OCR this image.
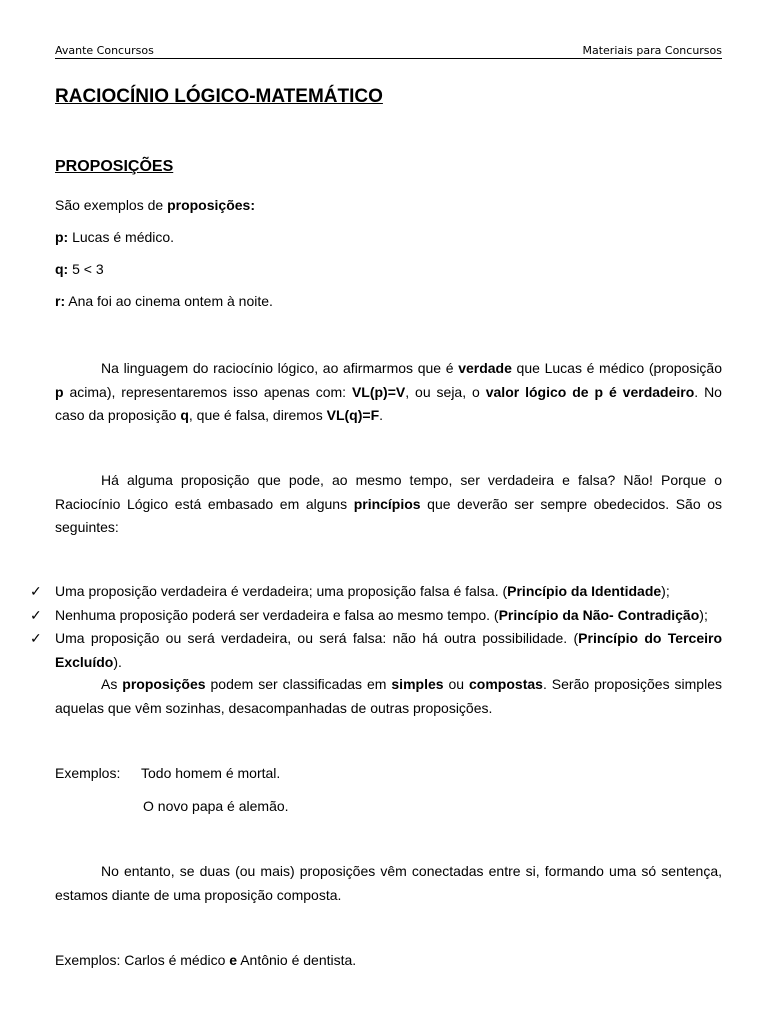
Avante Concursos	Materiais para Concursos
RACIOCÍNIO LÓGICO-MATEMÁTICO
PROPOSIÇÕES
São exemplos de proposições:
p: Lucas é médico.
q: 5 < 3
r: Ana foi ao cinema ontem à noite.
Na linguagem do raciocínio lógico, ao afirmarmos que é verdade que Lucas é médico (proposição p acima), representaremos isso apenas com: VL(p)=V, ou seja, o valor lógico de p é verdadeiro. No caso da proposição q, que é falsa, diremos VL(q)=F.
Há alguma proposição que pode, ao mesmo tempo, ser verdadeira e falsa? Não! Porque o Raciocínio Lógico está embasado em alguns princípios que deverão ser sempre obedecidos. São os seguintes:
✓ Uma proposição verdadeira é verdadeira; uma proposição falsa é falsa. (Princípio da Identidade);
✓ Nenhuma proposição poderá ser verdadeira e falsa ao mesmo tempo. (Princípio da Não- Contradição);
✓ Uma proposição ou será verdadeira, ou será falsa: não há outra possibilidade. (Princípio do Terceiro Excluído).
As proposições podem ser classificadas em simples ou compostas. Serão proposições simples aquelas que vêm sozinhas, desacompanhadas de outras proposições.
Exemplos: Todo homem é mortal.
O novo papa é alemão.
No entanto, se duas (ou mais) proposições vêm conectadas entre si, formando uma só sentença, estamos diante de uma proposição composta.
Exemplos: Carlos é médico e Antônio é dentista.
